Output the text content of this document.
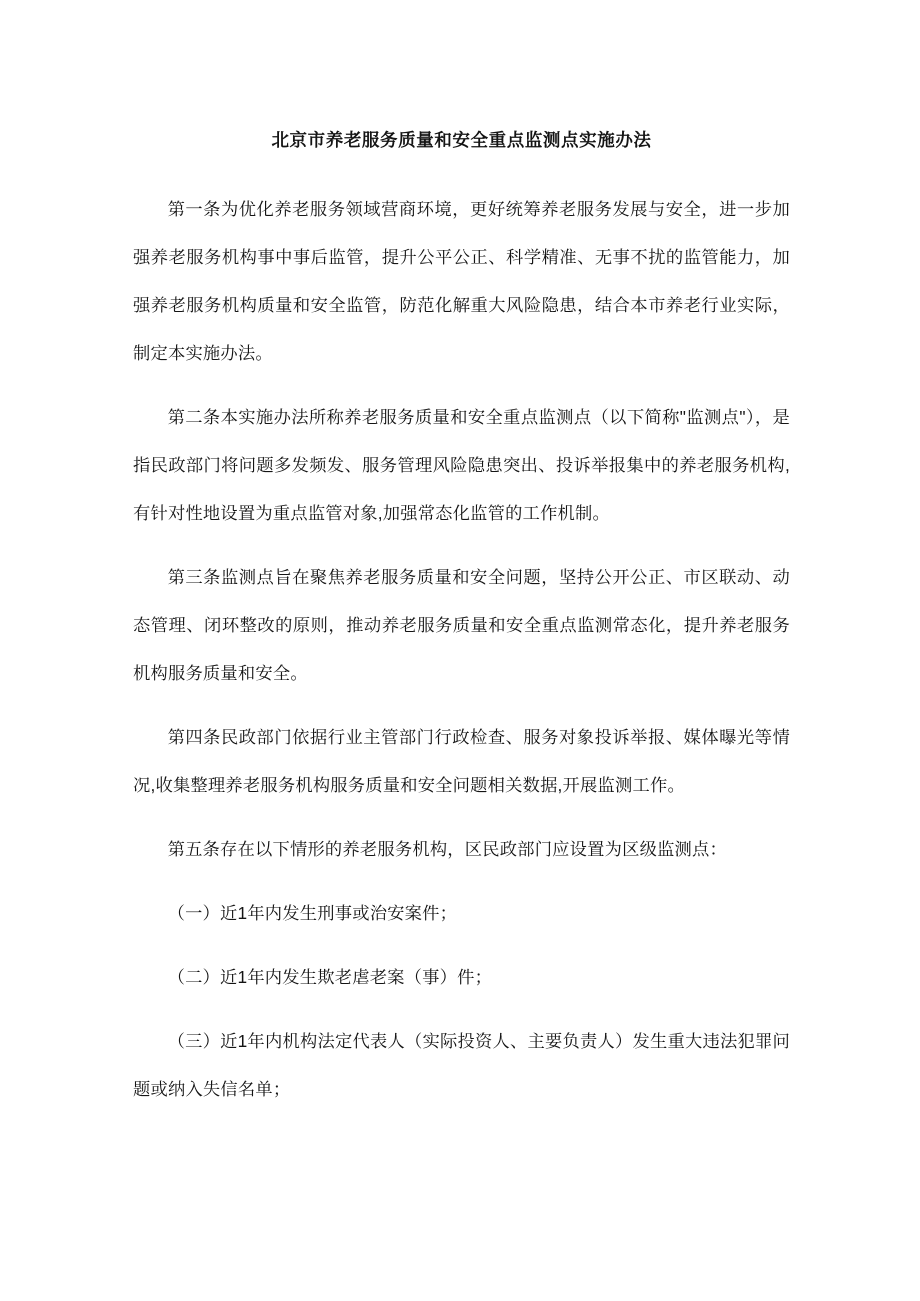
北京市养老服务质量和安全重点监测点实施办法

第一条为优化养老服务领域营商环境，更好统筹养老服务发展与安全，进一步加强养老服务机构事中事后监管，提升公平公正、科学精准、无事不扰的监管能力，加强养老服务机构质量和安全监管，防范化解重大风险隐患，结合本市养老行业实际，制定本实施办法。

第二条本实施办法所称养老服务质量和安全重点监测点（以下简称"监测点"），是指民政部门将问题多发频发、服务管理风险隐患突出、投诉举报集中的养老服务机构,有针对性地设置为重点监管对象,加强常态化监管的工作机制。

第三条监测点旨在聚焦养老服务质量和安全问题，坚持公开公正、市区联动、动态管理、闭环整改的原则，推动养老服务质量和安全重点监测常态化，提升养老服务机构服务质量和安全。

第四条民政部门依据行业主管部门行政检查、服务对象投诉举报、媒体曝光等情况,收集整理养老服务机构服务质量和安全问题相关数据,开展监测工作。

第五条存在以下情形的养老服务机构，区民政部门应设置为区级监测点：

（一）近1年内发生刑事或治安案件；

（二）近1年内发生欺老虐老案（事）件；

（三）近1年内机构法定代表人（实际投资人、主要负责人）发生重大违法犯罪问题或纳入失信名单；
